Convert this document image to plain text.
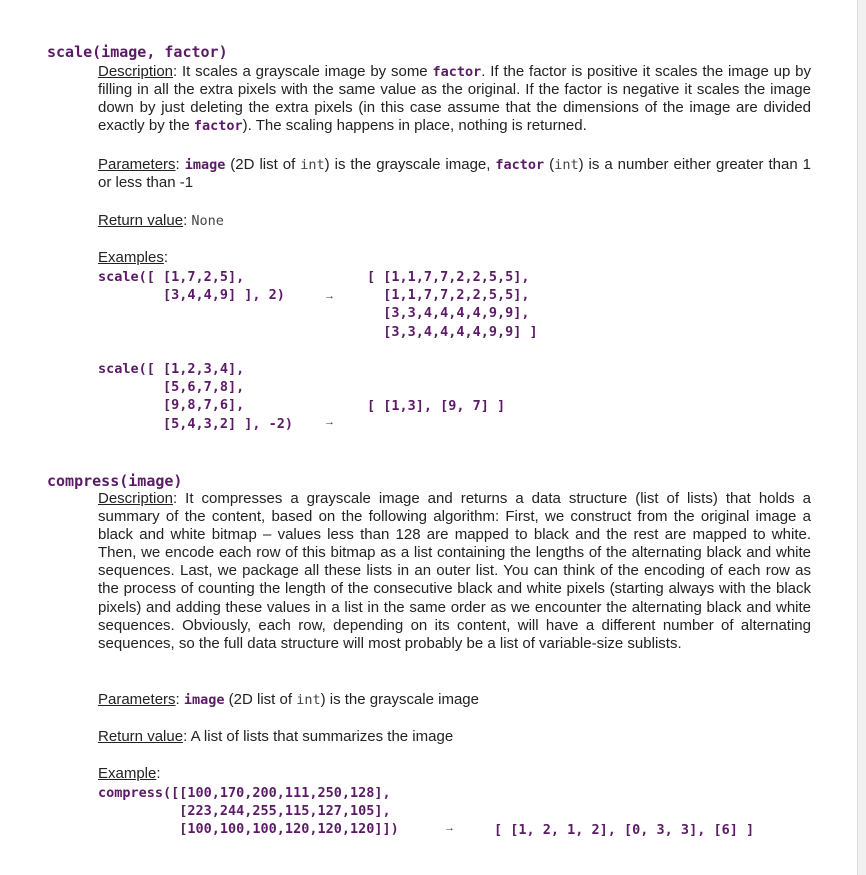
scale(image, factor)
Description: It scales a grayscale image by some factor. If the factor is positive it scales the image up by filling in all the extra pixels with the same value as the original. If the factor is negative it scales the image down by just deleting the extra pixels (in this case assume that the dimensions of the image are divided exactly by the factor). The scaling happens in place, nothing is returned.
Parameters: image (2D list of int) is the grayscale image, factor (int) is a number either greater than 1 or less than -1
Return value: None
Examples:
scale([ [1,7,2,5],
[3,4,4,9] ], 2)	→
[ [1,1,7,7,2,2,5,5],
[1,1,7,7,2,2,5,5],
[3,3,4,4,4,4,9,9],
[3,3,4,4,4,4,9,9] ]
scale([ [1,2,3,4],
[5,6,7,8],
[9,8,7,6],
[5,4,3,2] ], -2)	→
[ [1,3], [9, 7] ]
compress(image)
Description: It compresses a grayscale image and returns a data structure (list of lists) that holds a summary of the content, based on the following algorithm: First, we construct from the original image a black and white bitmap – values less than 128 are mapped to black and the rest are mapped to white. Then, we encode each row of this bitmap as a list containing the lengths of the alternating black and white sequences. Last, we package all these lists in an outer list. You can think of the encoding of each row as the process of counting the length of the consecutive black and white pixels (starting always with the black pixels) and adding these values in a list in the same order as we encounter the alternating black and white sequences. Obviously, each row, depending on its content, will have a different number of alternating sequences, so the full data structure will most probably be a list of variable-size sublists.
Parameters: image (2D list of int) is the grayscale image
Return value: A list of lists that summarizes the image
Example:
compress([[100,170,200,111,250,128],
[223,244,255,115,127,105],
[100,100,100,120,120,120]])	→	[ [1, 2, 1, 2], [0, 3, 3], [6] ]
